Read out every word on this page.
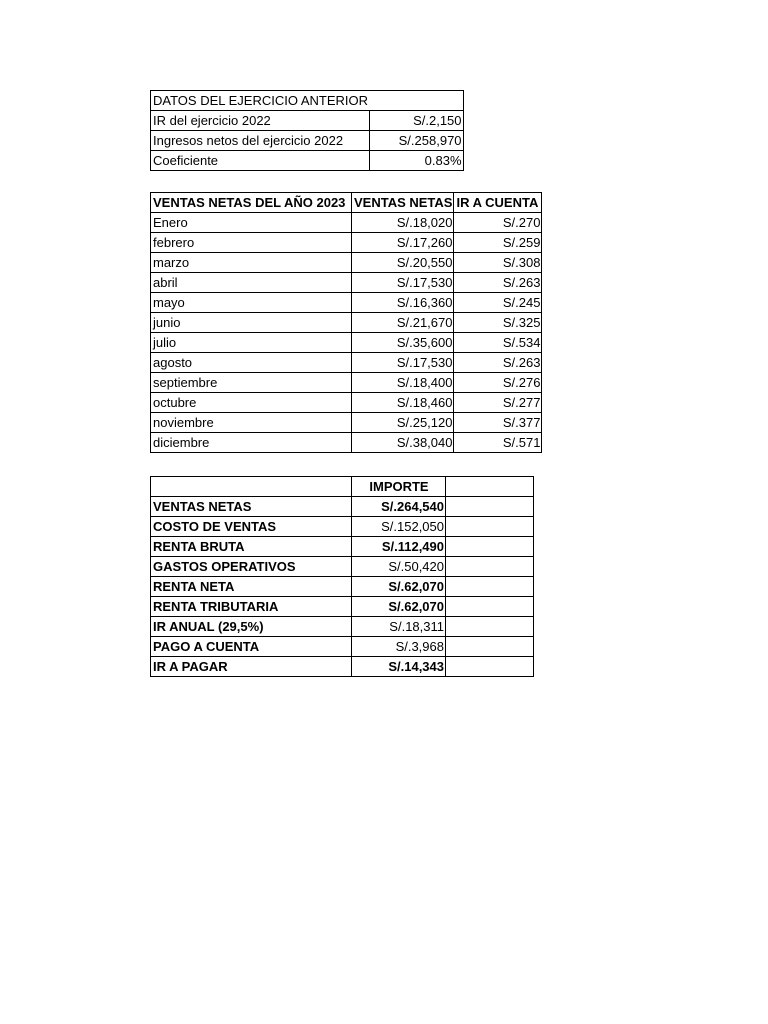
DATOS DEL EJERCICIO ANTERIOR	
IR del ejercicio 2022	S/.2,150
Ingresos netos del ejercicio 2022	S/.258,970
Coeficiente	0.83%
VENTAS NETAS DEL AÑO 2023	VENTAS NETAS	IR A CUENTA
Enero	S/.18,020	S/.270
febrero	S/.17,260	S/.259
marzo	S/.20,550	S/.308
abril	S/.17,530	S/.263
mayo	S/.16,360	S/.245
junio	S/.21,670	S/.325
julio	S/.35,600	S/.534
agosto	S/.17,530	S/.263
septiembre	S/.18,400	S/.276
octubre	S/.18,460	S/.277
noviembre	S/.25,120	S/.377
diciembre	S/.38,040	S/.571
	IMPORTE	
VENTAS NETAS	S/.264,540	
COSTO DE VENTAS	S/.152,050	
RENTA BRUTA	S/.112,490	
GASTOS OPERATIVOS	S/.50,420	
RENTA NETA	S/.62,070	
RENTA TRIBUTARIA	S/.62,070	
IR ANUAL (29,5%)	S/.18,311	
PAGO A CUENTA	S/.3,968	
IR A PAGAR	S/.14,343	
